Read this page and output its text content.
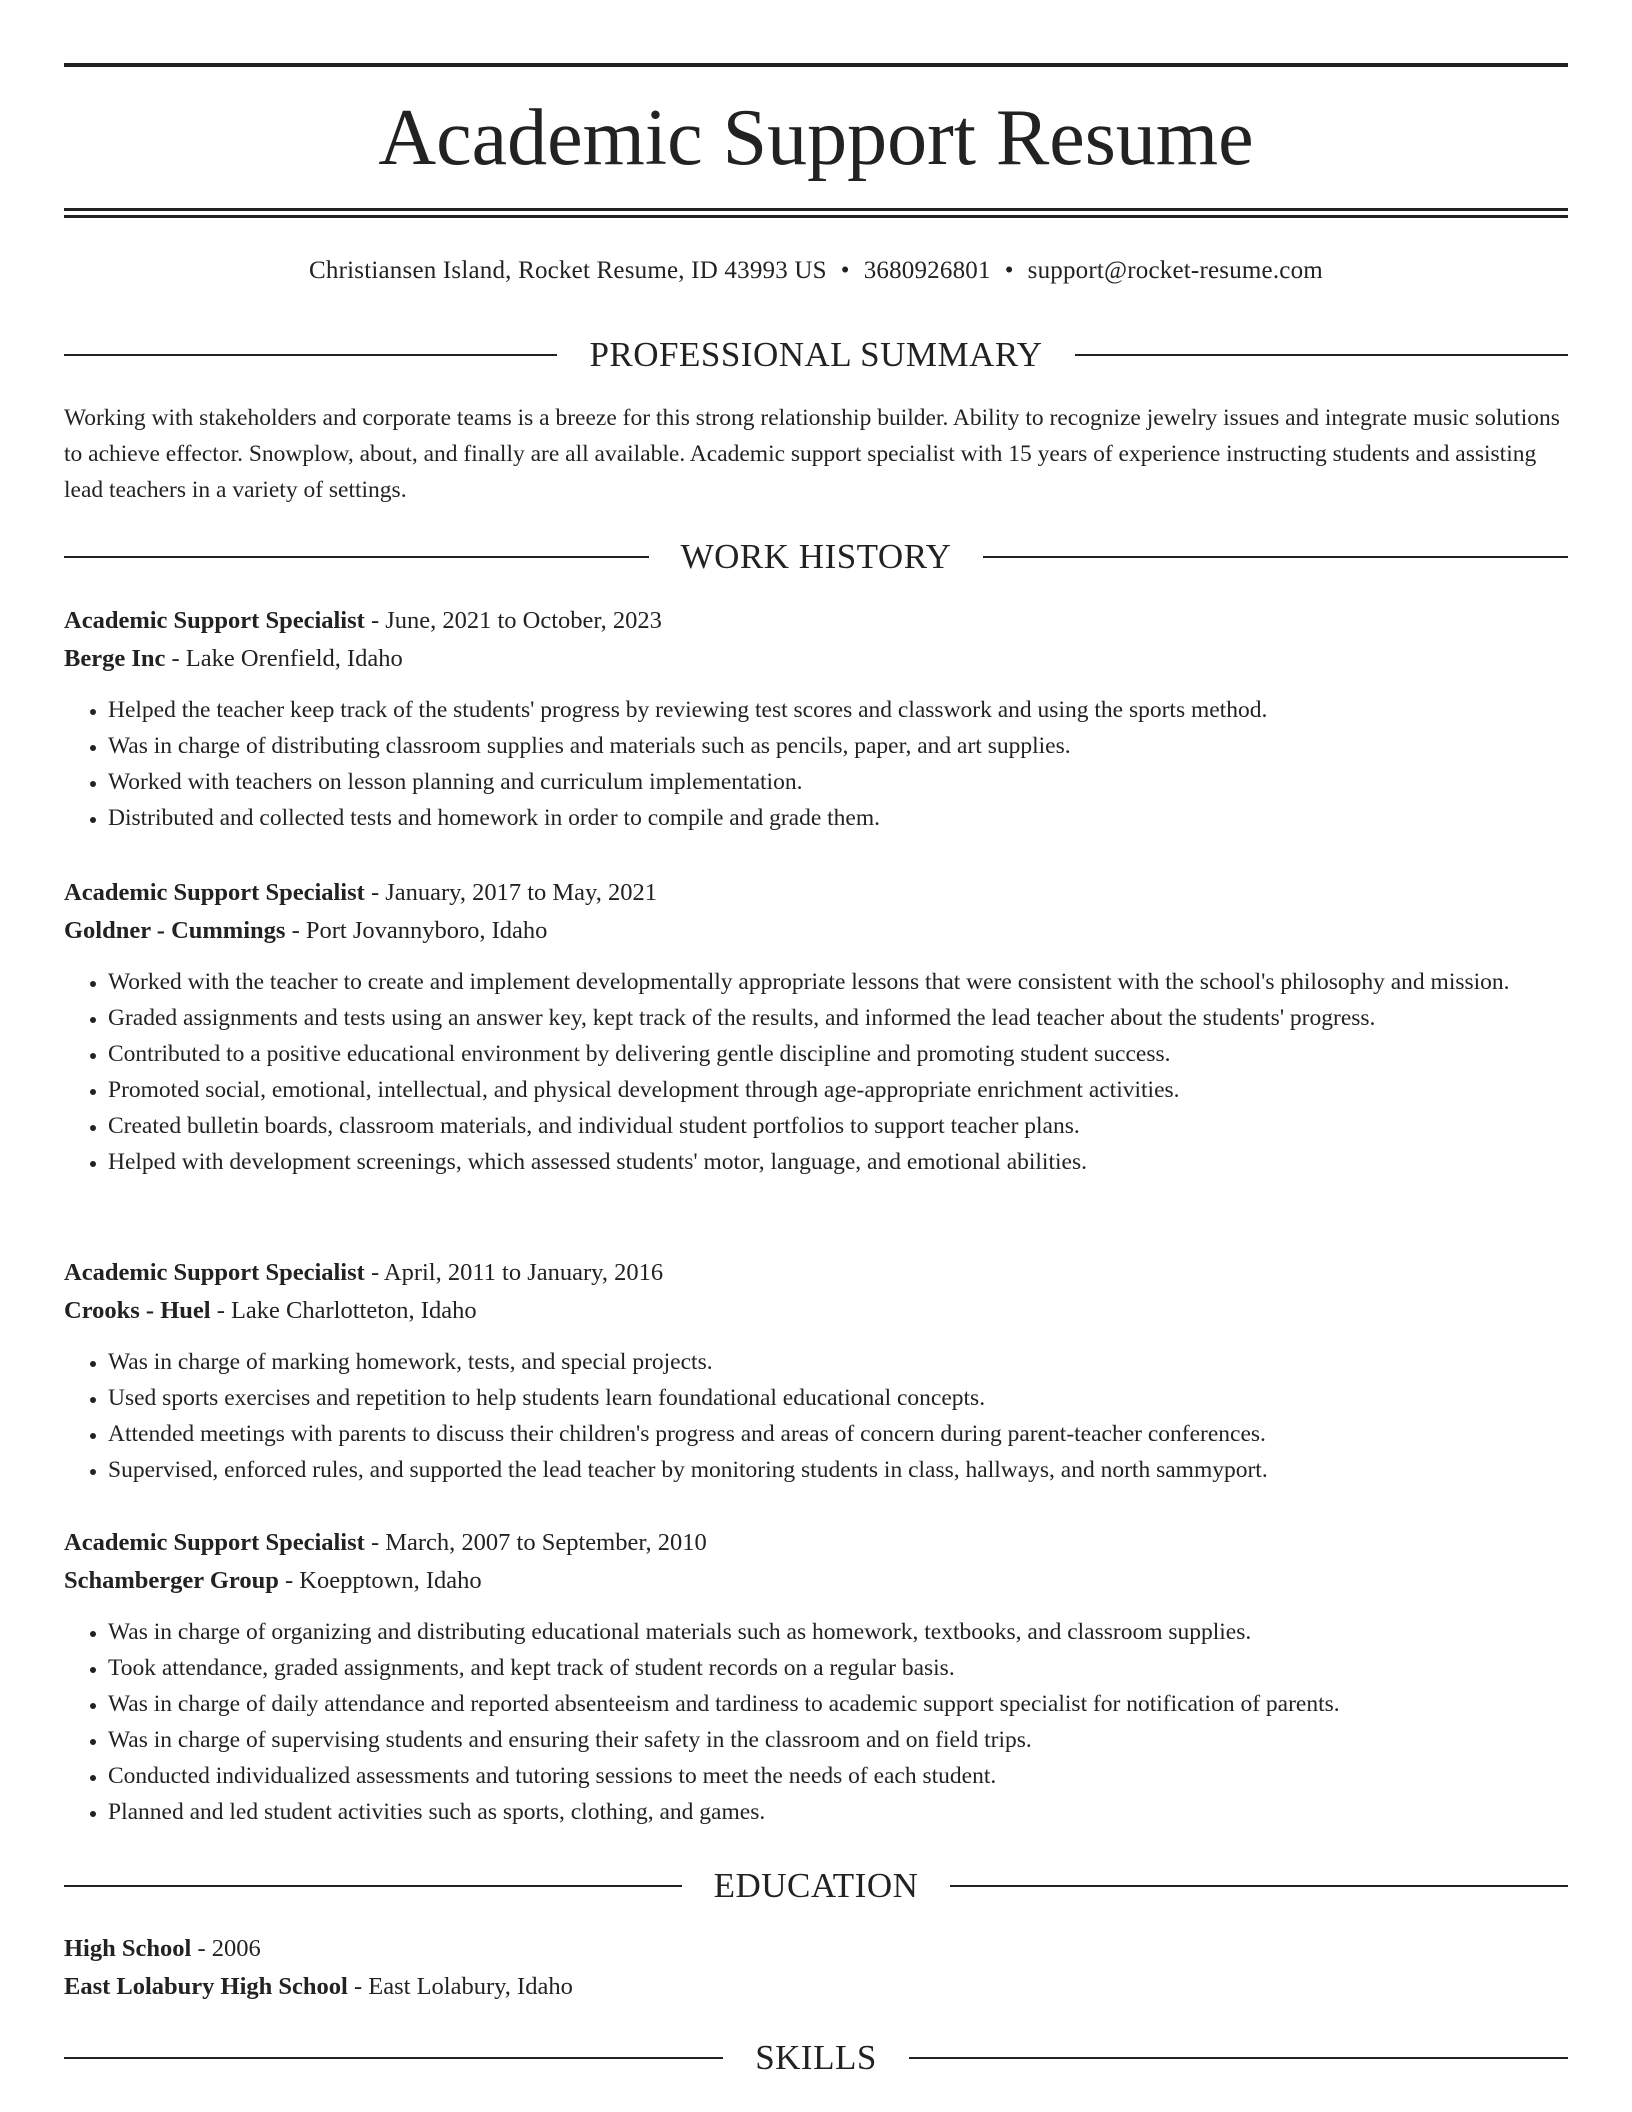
Academic Support Resume
Christiansen Island, Rocket Resume, ID 43993 US • 3680926801 • support@rocket-resume.com
PROFESSIONAL SUMMARY
Working with stakeholders and corporate teams is a breeze for this strong relationship builder. Ability to recognize jewelry issues and integrate music solutions to achieve effector. Snowplow, about, and finally are all available. Academic support specialist with 15 years of experience instructing students and assisting lead teachers in a variety of settings.
WORK HISTORY
Academic Support Specialist - June, 2021 to October, 2023
Berge Inc - Lake Orenfield, Idaho
• Helped the teacher keep track of the students' progress by reviewing test scores and classwork and using the sports method.
• Was in charge of distributing classroom supplies and materials such as pencils, paper, and art supplies.
• Worked with teachers on lesson planning and curriculum implementation.
• Distributed and collected tests and homework in order to compile and grade them.
Academic Support Specialist - January, 2017 to May, 2021
Goldner - Cummings - Port Jovannyboro, Idaho
• Worked with the teacher to create and implement developmentally appropriate lessons that were consistent with the school's philosophy and mission.
• Graded assignments and tests using an answer key, kept track of the results, and informed the lead teacher about the students' progress.
• Contributed to a positive educational environment by delivering gentle discipline and promoting student success.
• Promoted social, emotional, intellectual, and physical development through age-appropriate enrichment activities.
• Created bulletin boards, classroom materials, and individual student portfolios to support teacher plans.
• Helped with development screenings, which assessed students' motor, language, and emotional abilities.
Academic Support Specialist - April, 2011 to January, 2016
Crooks - Huel - Lake Charlotteton, Idaho
• Was in charge of marking homework, tests, and special projects.
• Used sports exercises and repetition to help students learn foundational educational concepts.
• Attended meetings with parents to discuss their children's progress and areas of concern during parent-teacher conferences.
• Supervised, enforced rules, and supported the lead teacher by monitoring students in class, hallways, and north sammyport.
Academic Support Specialist - March, 2007 to September, 2010
Schamberger Group - Koepptown, Idaho
• Was in charge of organizing and distributing educational materials such as homework, textbooks, and classroom supplies.
• Took attendance, graded assignments, and kept track of student records on a regular basis.
• Was in charge of daily attendance and reported absenteeism and tardiness to academic support specialist for notification of parents.
• Was in charge of supervising students and ensuring their safety in the classroom and on field trips.
• Conducted individualized assessments and tutoring sessions to meet the needs of each student.
• Planned and led student activities such as sports, clothing, and games.
EDUCATION
High School - 2006
East Lolabury High School - East Lolabury, Idaho
SKILLS
